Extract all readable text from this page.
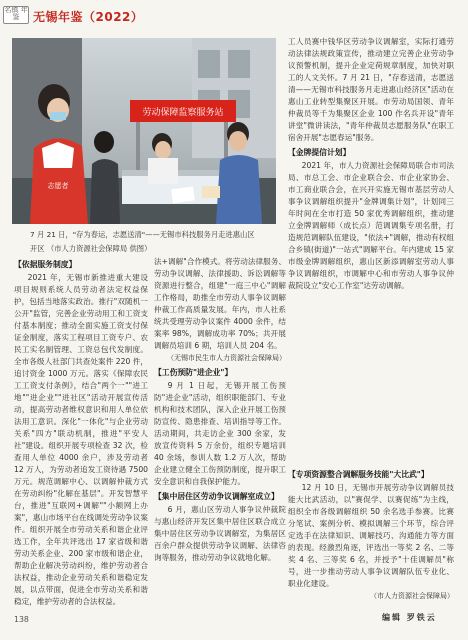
名镇 年鉴	无锡年鉴（2022）
劳动保障监察服务站
志愿者
7 月 21 日，"存为春运，志愿送清"——无锡市科技服务月走进惠山区
开区 （市人力资源社会保障局 供图）

工人员赛中钱华区劳动争议调解室，实际打通劳动法律法规政策宣传，推动建立完善企业劳动争议预警机制，提升企业定荷规章制度，加快对职工的人文关怀。7 月 21 日，"存春送清，志愿送清——无锡市科技服务月走进惠山经济区"活动在惠山工业转型集聚区开展。市劳动局国领、青年仲裁员等千为集聚区企业 100 作名兵开设"青年讲堂"微讲读法，"青年仲裁员志愿服务队"在职工宿舍开展"志愿春运"服务。

【金牌提信计划】

2021 年，市人力资源社会保障局联合市司法局、市总工会、市企业联合会、市企业家协会、市工商业联合会，在兴开实施无锡市基层劳动人事争议调解组织提升"金牌调集计划"，计划同三年时间在全市打造 50 家优秀调解组织，推动建立金牌调解师（成长点）范调调集专项名册，打造规范调解队伍建设，"依法+"调解，推动有权组合乡镇(街道)"一站式"调解平台。年内建成 15 家市级金牌调解组织，惠山区新添调解室劳动人事争议调解组织，市调解中心和市劳动人事争议仲裁院设立"安心工作室"达劳动调解。

【依据服务制度】

2021 年，无锡市新推进重大建设项目规则系统人员劳动者法定权益保护，包括当地落实政治。推行"双随机一公开"监管，完善企业劳动用工和工资支付基本制度；推动全面实施工资支付保证金制度，落实工程项目工资专户、农民工实名制管理、工资总包代发制度。全市各级人社部门共查处案件 220 件，追讨资金 1000 万元。落实《保障农民工工资支付条例》，结合"两个一""进工地""进企业""进社区"活动开展宣传活动，提高劳动者维权意识和用人单位依法用工意识。深化"一体化"与企业劳动关系"四方"联动机制，推进"平安人社"建设。组织开展专项检查 32 次，检查用人单位 4000 余户，涉及劳动者 12 万人，为劳动者追发工资待遇 7500 万元。规范调解中心、以调解仲裁方式在劳动纠纷"化解在基层"。开发智慧平台，推进"互联网+调解""小额网上办案"，惠山市场平台在线调处劳动争议案件。组织开展全市劳动关系和谐企业评选工作，全年共评选出 17 家省级和谐劳动关系企业、200 家市级和谐企业，帮助企业解决劳动纠纷，维护劳动者合法权益，推动企业劳动关系和谐稳定发展，以点带面，促进全市劳动关系和谐稳定，维护劳动者的合法权益。

法+调解"合作模式。将劳动法律服务、劳动争议调解、法律援助、诉讼调解等资源进行整合，组建"一庭三中心"调解工作格局，助推全市劳动人事争议调解仲裁工作高质量发展。年内，市人社系统共受理劳动争议案件 4000 余件，结案率 98%，调解成功率 70%；共开展调解员培训 6 期，培训人员 204 名。

（无锡市民生市人力资源社会保障局）
【工伤预防"进企业"】

9 月 1 日起，无锡开展工伤预防"进企业"活动，组织职能部门、专业机构和技术团队，深入企业开展工伤预防宣传、隐患排查、培训指导等工作。活动期间，共走访企业 300 余家，发放宣传资料 5 万余份，组织专题培训 40 余场，参训人数 1.2 万人次，帮助企业建立健全工伤预防制度，提升职工安全意识和自我保护能力。

【集中居住区劳动争议调解室成立】

6 月，惠山区劳动人事争议仲裁院与惠山经济开发区集中居住区联合成立集中居住区劳动争议调解室，为集居区百余户群众提供劳动争议调解、法律咨询等服务，推动劳动争议就地化解。

【专项资源整合调解服务技能"大比武"】

12 月 10 日，无锡市开展劳动争议调解员技能大比武活动，以"赛促学、以赛促练"为主线，组织全市各级调解组织 50 余名选手参赛。比赛分笔试、案例分析、模拟调解三个环节，综合评定选手在法律知识、调解技巧、沟通能力等方面的表现。经激烈角逐，评选出一等奖 2 名、二等奖 4 名、三等奖 6 名，并授予"十佳调解员"称号，进一步推动劳动人事争议调解队伍专业化、职业化建设。

（市人力资源社会保障局）
编辑 罗铁云
138
